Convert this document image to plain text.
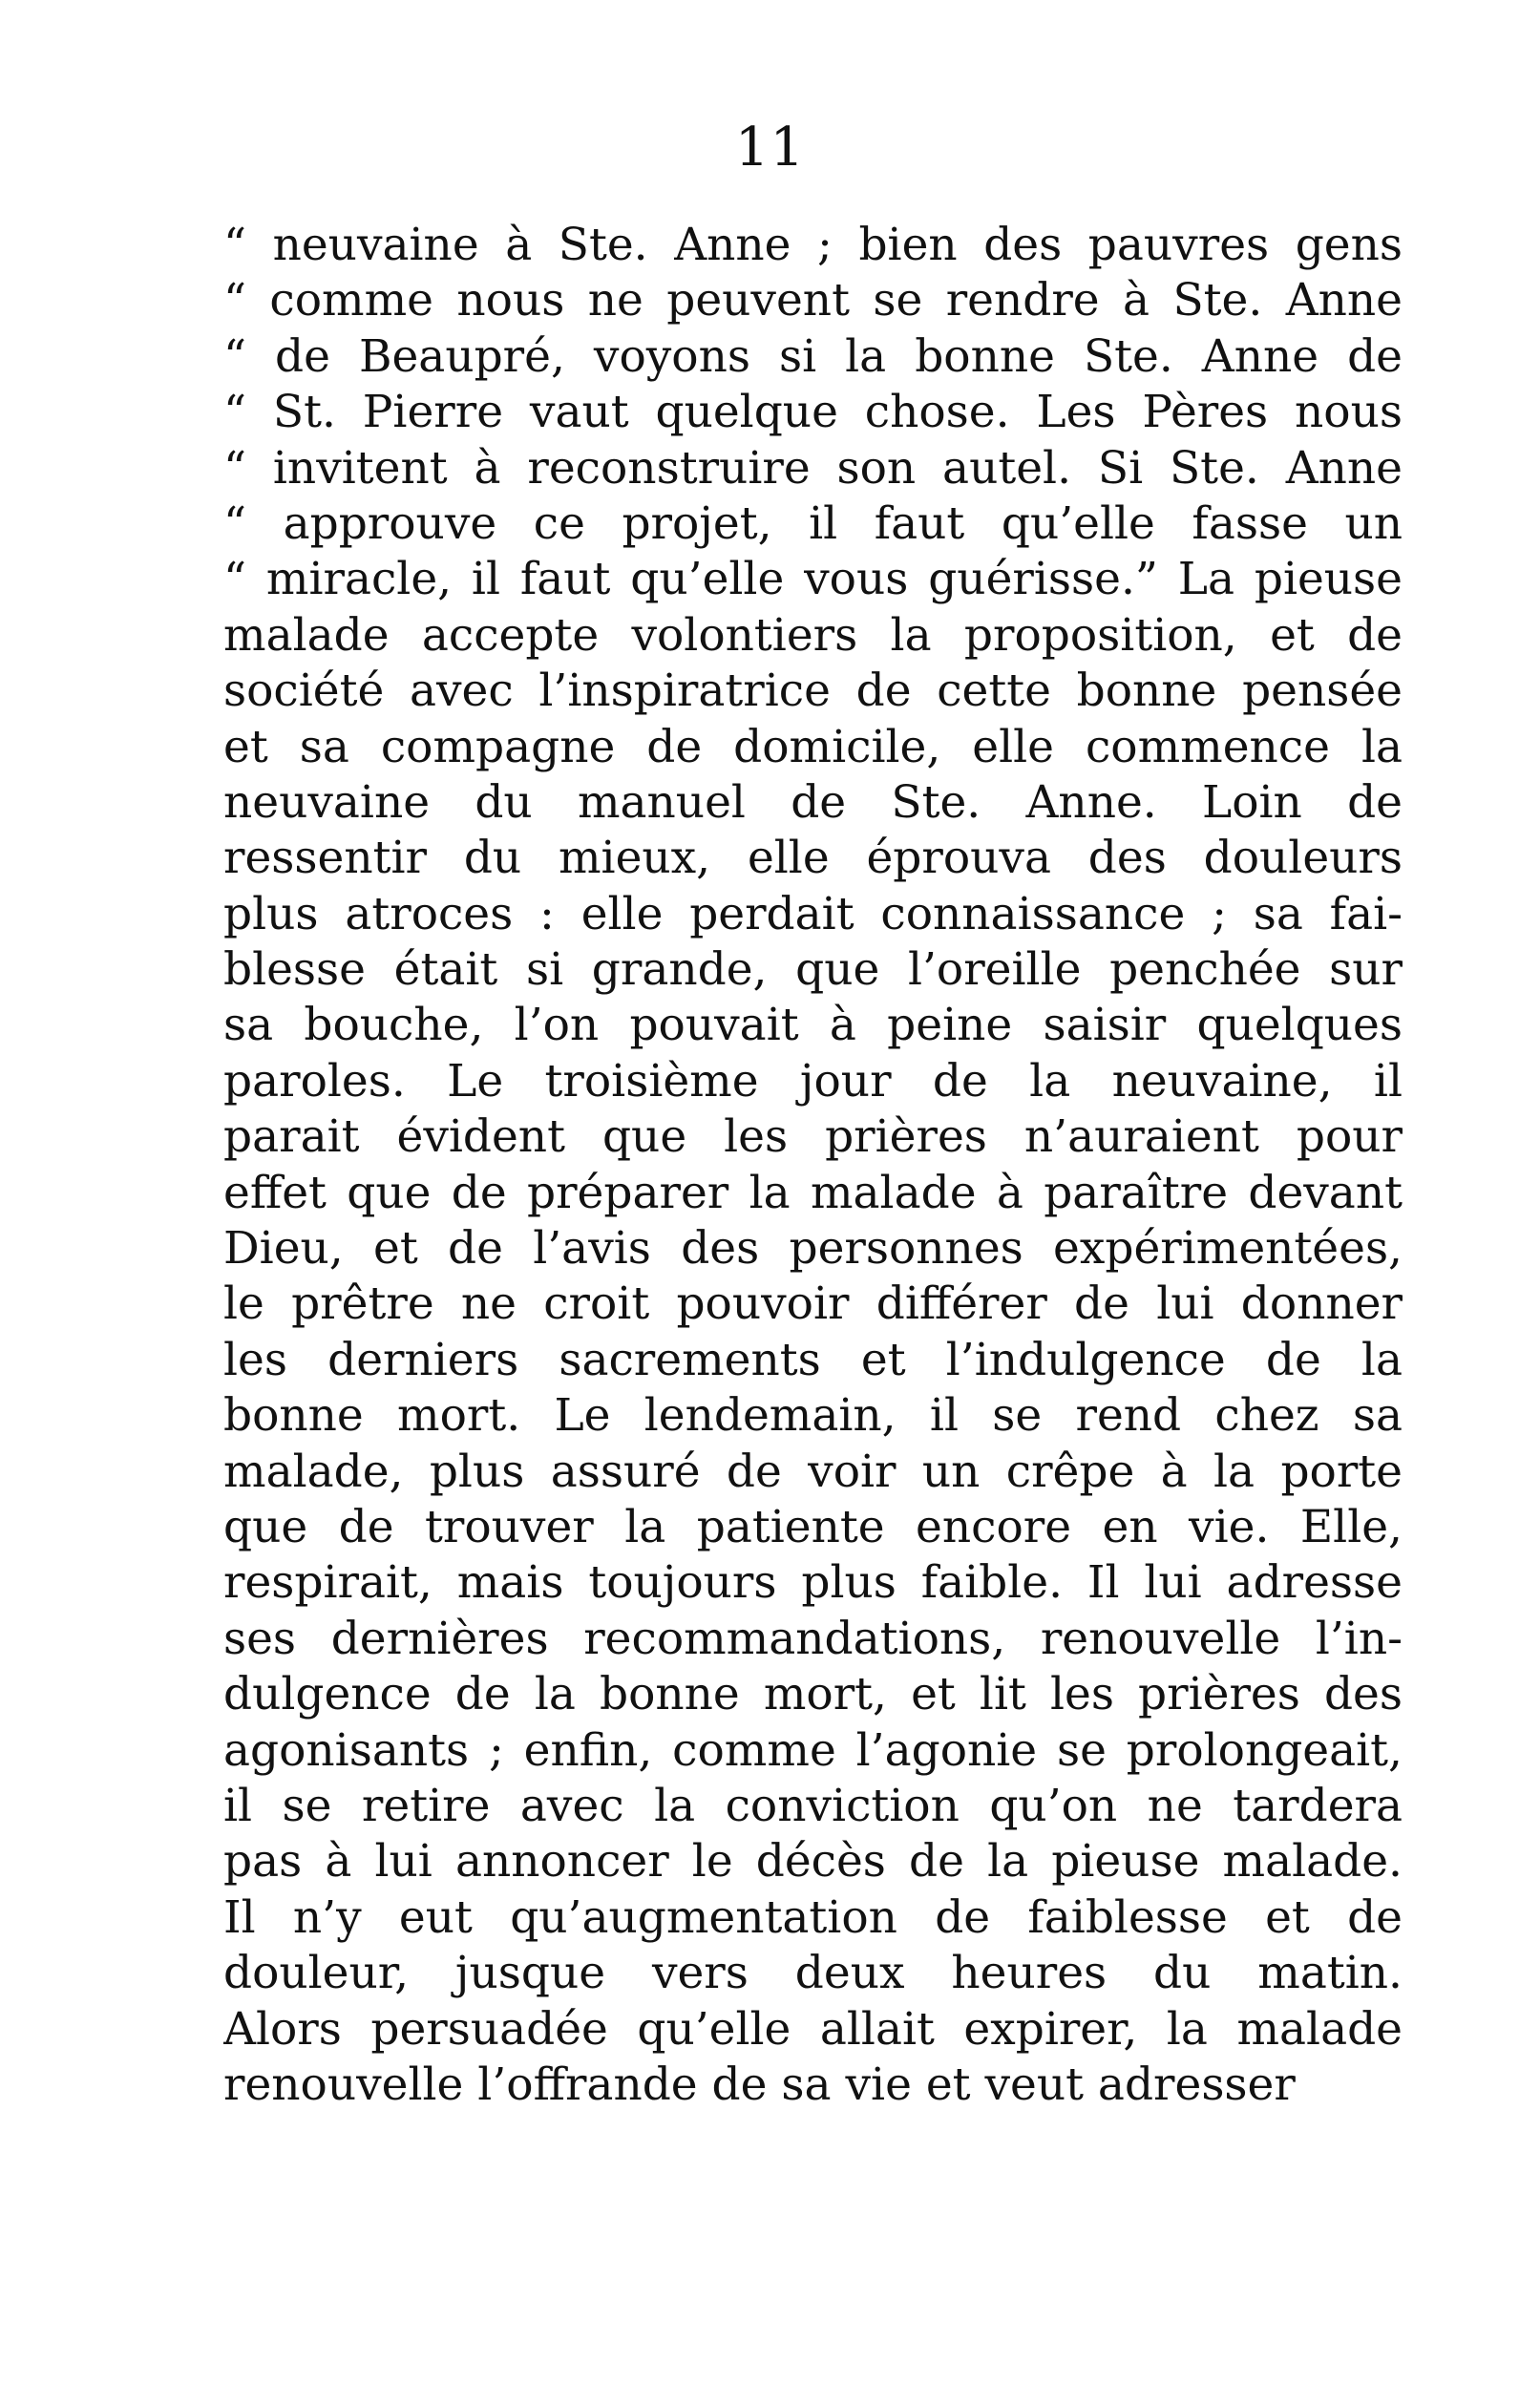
11
“ neuvaine à Ste. Anne ; bien des pauvres gens
“ comme nous ne peuvent se rendre à Ste. Anne
“ de Beaupré, voyons si la bonne Ste. Anne de
“ St. Pierre vaut quelque chose. Les Pères nous
“ invitent à reconstruire son autel. Si Ste. Anne
“ approuve ce projet, il faut qu’elle fasse un
“ miracle, il faut qu’elle vous guérisse.” La pieuse
malade accepte volontiers la proposition, et de
société avec l’inspiratrice de cette bonne pensée
et sa compagne de domicile, elle commence la
neuvaine du manuel de Ste. Anne. Loin de
ressentir du mieux, elle éprouva des douleurs
plus atroces : elle perdait connaissance ; sa fai-
blesse était si grande, que l’oreille penchée sur
sa bouche, l’on pouvait à peine saisir quelques
paroles. Le troisième jour de la neuvaine, il
parait évident que les prières n’auraient pour
effet que de préparer la malade à paraître devant
Dieu, et de l’avis des personnes expérimentées,
le prêtre ne croit pouvoir différer de lui donner
les derniers sacrements et l’indulgence de la
bonne mort. Le lendemain, il se rend chez sa
malade, plus assuré de voir un crêpe à la porte
que de trouver la patiente encore en vie. Elle,
respirait, mais toujours plus faible. Il lui adresse
ses dernières recommandations, renouvelle l’in-
dulgence de la bonne mort, et lit les prières des
agonisants ; enfin, comme l’agonie se prolongeait,
il se retire avec la conviction qu’on ne tardera
pas à lui annoncer le décès de la pieuse malade.
Il n’y eut qu’augmentation de faiblesse et de
douleur, jusque vers deux heures du matin.
Alors persuadée qu’elle allait expirer, la malade
renouvelle l’offrande de sa vie et veut adresser
